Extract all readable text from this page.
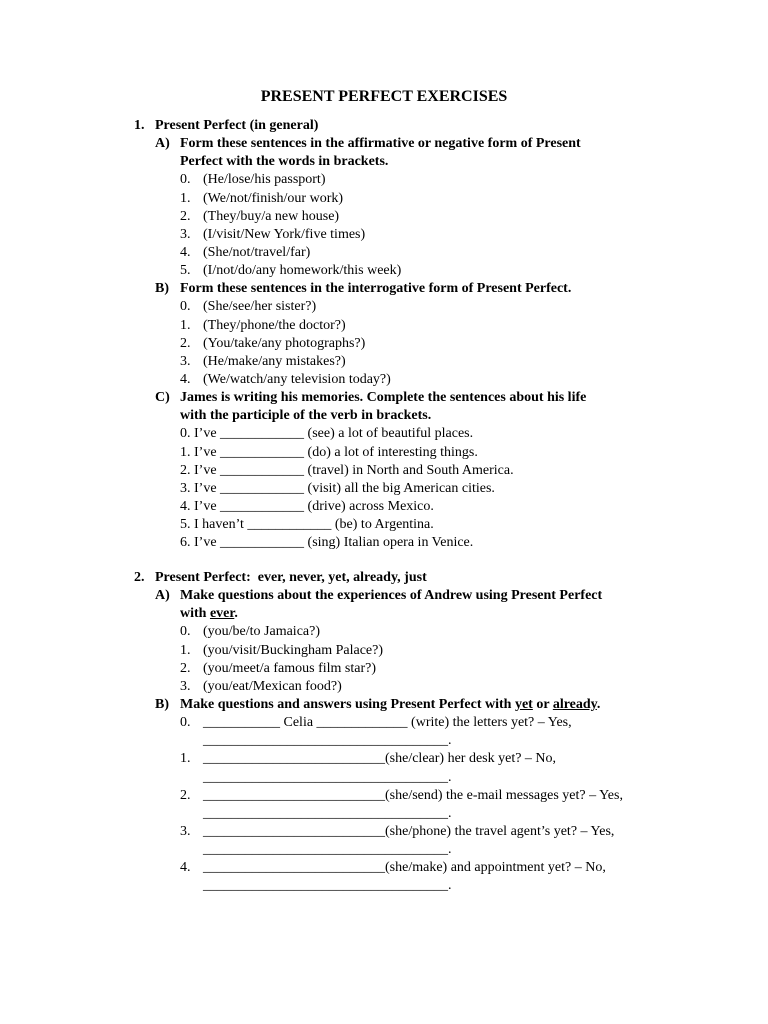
PRESENT PERFECT EXERCISES
1. Present Perfect (in general)
A) Form these sentences in the affirmative or negative form of Present
Perfect with the words in brackets.
0. (He/lose/his passport)
1. (We/not/finish/our work)
2. (They/buy/a new house)
3. (I/visit/New York/five times)
4. (She/not/travel/far)
5. (I/not/do/any homework/this week)
B) Form these sentences in the interrogative form of Present Perfect.
0. (She/see/her sister?)
1. (They/phone/the doctor?)
2. (You/take/any photographs?)
3. (He/make/any mistakes?)
4. (We/watch/any television today?)
C) James is writing his memories. Complete the sentences about his life
with the participle of the verb in brackets.
0. I’ve ____________ (see) a lot of beautiful places.
1. I’ve ____________ (do) a lot of interesting things.
2. I’ve ____________ (travel) in North and South America.
3. I’ve ____________ (visit) all the big American cities.
4. I’ve ____________ (drive) across Mexico.
5. I haven’t ____________ (be) to Argentina.
6. I’ve ____________ (sing) Italian opera in Venice.
2. Present Perfect:  ever, never, yet, already, just
A) Make questions about the experiences of Andrew using Present Perfect
with ever.
0. (you/be/to Jamaica?)
1. (you/visit/Buckingham Palace?)
2. (you/meet/a famous film star?)
3. (you/eat/Mexican food?)
B) Make questions and answers using Present Perfect with yet or already.
0. ___________ Celia _____________ (write) the letters yet? – Yes,
___________________________________.
1. __________________________(she/clear) her desk yet? – No,
___________________________________.
2. __________________________(she/send) the e-mail messages yet? – Yes,
___________________________________.
3. __________________________(she/phone) the travel agent’s yet? – Yes,
___________________________________.
4. __________________________(she/make) and appointment yet? – No,
___________________________________.
